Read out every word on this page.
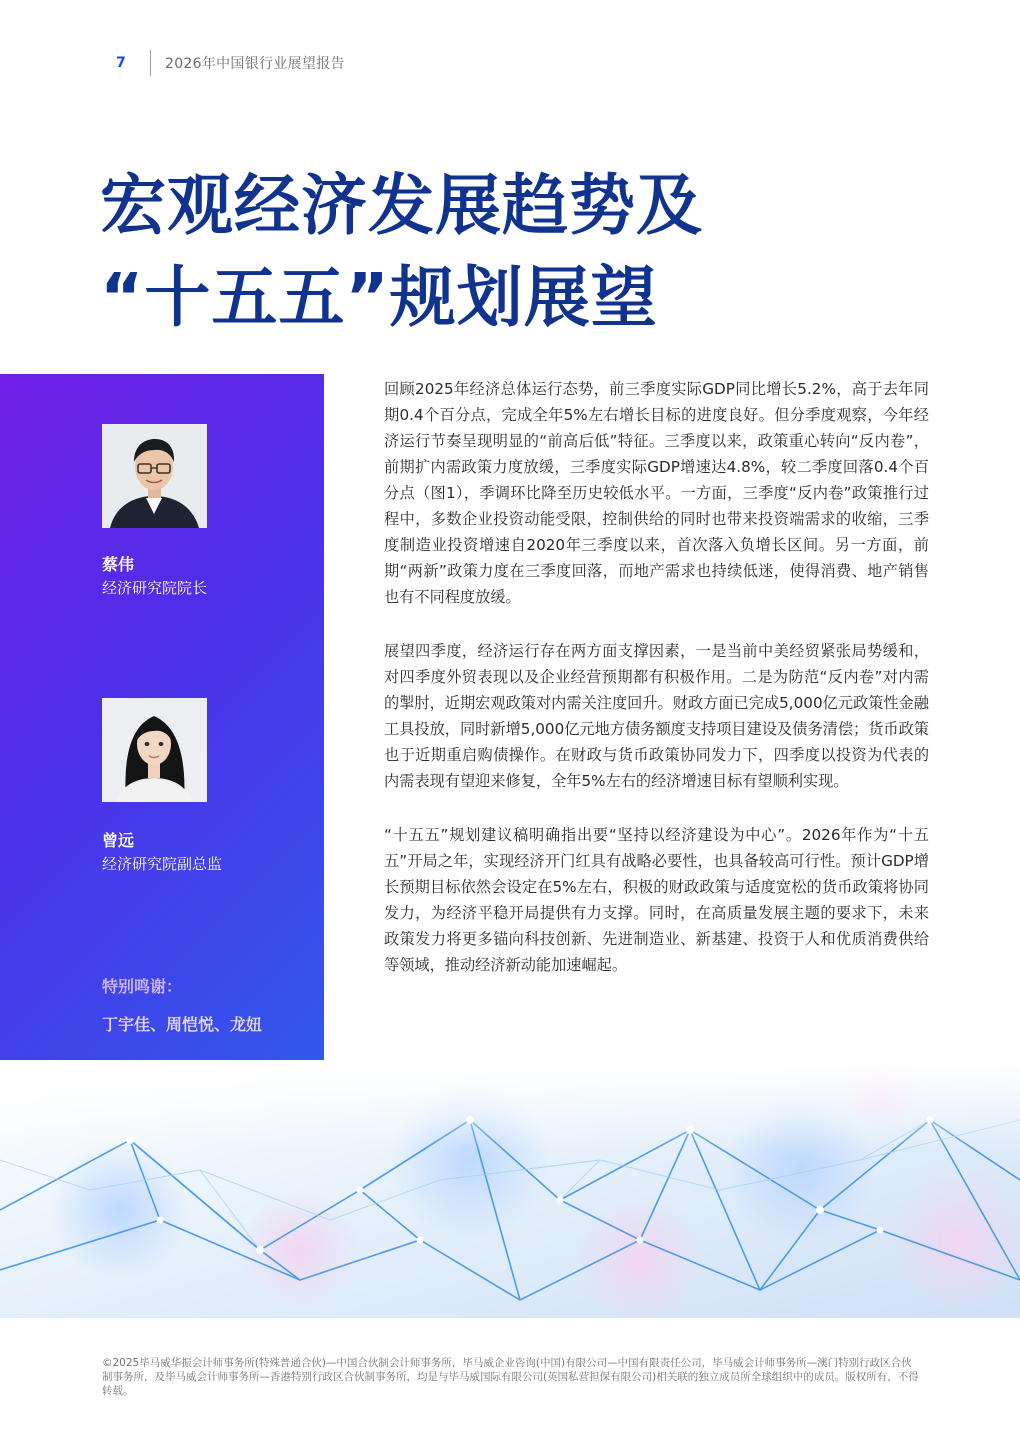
7	2026年中国银行业展望报告
宏观经济发展趋势及
“十五五”规划展望
蔡伟
经济研究院院长
曾远
经济研究院副总监
特别鸣谢：
丁宇佳、周恺悦、龙妞

回顾2025年经济总体运行态势，前三季度实际GDP同比增长5.2%，高于去年同期0.4个百分点，完成全年5%左右增长目标的进度良好。但分季度观察，今年经济运行节奏呈现明显的“前高后低”特征。三季度以来，政策重心转向“反内卷”，前期扩内需政策力度放缓，三季度实际GDP增速达4.8%，较二季度回落0.4个百分点（图1），季调环比降至历史较低水平。一方面，三季度“反内卷”政策推行过程中，多数企业投资动能受限，控制供给的同时也带来投资端需求的收缩，三季度制造业投资增速自2020年三季度以来，首次落入负增长区间。另一方面，前期“两新”政策力度在三季度回落，而地产需求也持续低迷，使得消费、地产销售也有不同程度放缓。

展望四季度，经济运行存在两方面支撑因素，一是当前中美经贸紧张局势缓和，对四季度外贸表现以及企业经营预期都有积极作用。二是为防范“反内卷”对内需的掣肘，近期宏观政策对内需关注度回升。财政方面已完成5,000亿元政策性金融工具投放，同时新增5,000亿元地方债务额度支持项目建设及债务清偿；货币政策也于近期重启购债操作。在财政与货币政策协同发力下，四季度以投资为代表的内需表现有望迎来修复，全年5%左右的经济增速目标有望顺利实现。

“十五五”规划建议稿明确指出要“坚持以经济建设为中心”。2026年作为“十五五”开局之年，实现经济开门红具有战略必要性，也具备较高可行性。预计GDP增长预期目标依然会设定在5%左右，积极的财政政策与适度宽松的货币政策将协同发力，为经济平稳开局提供有力支撑。同时，在高质量发展主题的要求下，未来政策发力将更多锚向科技创新、先进制造业、新基建、投资于人和优质消费供给等领域，推动经济新动能加速崛起。

©2025毕马威华振会计师事务所(特殊普通合伙)—中国合伙制会计师事务所，毕马威企业咨询(中国)有限公司—中国有限责任公司，毕马威会计师事务所—澳门特别行政区合伙制事务所，及毕马威会计师事务所—香港特别行政区合伙制事务所，均是与毕马威国际有限公司(英国私营担保有限公司)相关联的独立成员所全球组织中的成员。版权所有，不得转载。
